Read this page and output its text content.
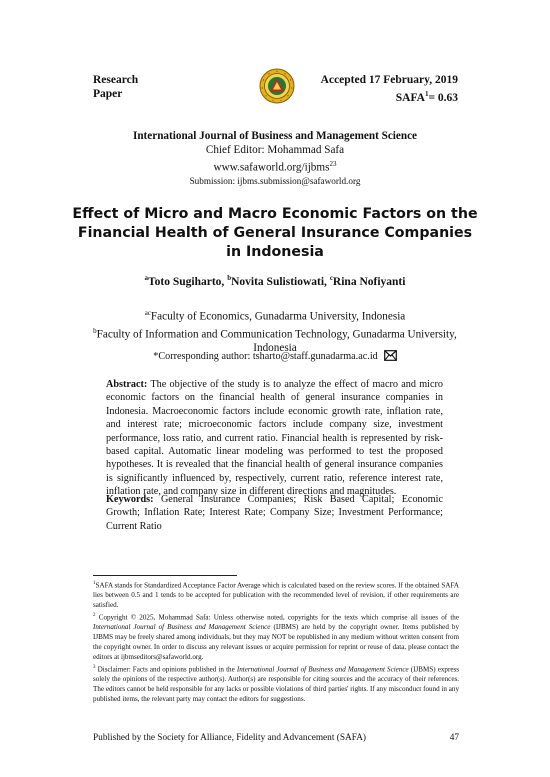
Research
Paper
Accepted 17 February, 2019
$SAFA^1= 0.63$
International Journal of Business and Management Science
Chief Editor: Mohammad Safa
www.safaworld.org/ijbms$^{23}$
Submission: ijbms.submission@safaworld.org
Effect of Micro and Macro Economic Factors on the
Financial Health of General Insurance Companies
in Indonesia
$^a$Toto Sugiharto, $^b$Novita Sulistiowati, $^c$Rina Nofiyanti
$^{ac}$Faculty of Economics, Gunadarma University, Indonesia
$^b$Faculty of Information and Communication Technology, Gunadarma University, Indonesia
*Corresponding author: tsharto@staff.gunadarma.ac.id
Abstract: The objective of the study is to analyze the effect of macro and micro economic factors on the financial health of general insurance companies in Indonesia. Macroeconomic factors include economic growth rate, inflation rate, and interest rate; microeconomic factors include company size, investment performance, loss ratio, and current ratio. Financial health is represented by risk-based capital. Automatic linear modeling was performed to test the proposed hypotheses. It is revealed that the financial health of general insurance companies is significantly influenced by, respectively, current ratio, reference interest rate, inflation rate, and company size in different directions and magnitudes.
Keywords: General Insurance Companies; Risk Based Capital; Economic Growth; Inflation Rate; Interest Rate; Company Size; Investment Performance; Current Ratio

$^1$SAFA stands for Standardized Acceptance Factor Average which is calculated based on the review scores. If the obtained SAFA lies between 0.5 and 1 tends to be accepted for publication with the recommended level of revision, if other requirements are satisfied.

$^2$ Copyright © 2025, Mohammad Safa: Unless otherwise noted, copyrights for the texts which comprise all issues of the International Journal of Business and Management Science (IJBMS) are held by the copyright owner. Items published by IJBMS may be freely shared among individuals, but they may NOT be republished in any medium without written consent from the copyright owner. In order to discuss any relevant issues or acquire permission for reprint or reuse of data, please contact the editors at ijbmseditors@safaworld.org.

$^3$ Disclaimer: Facts and opinions published in the International Journal of Business and Management Science (IJBMS) express solely the opinions of the respective author(s). Author(s) are responsible for citing sources and the accuracy of their references. The editors cannot be held responsible for any lacks or possible violations of third parties' rights. If any misconduct found in any published items, the relevant party may contact the editors for suggestions.

Published by the Society for Alliance, Fidelity and Advancement (SAFA)	47
